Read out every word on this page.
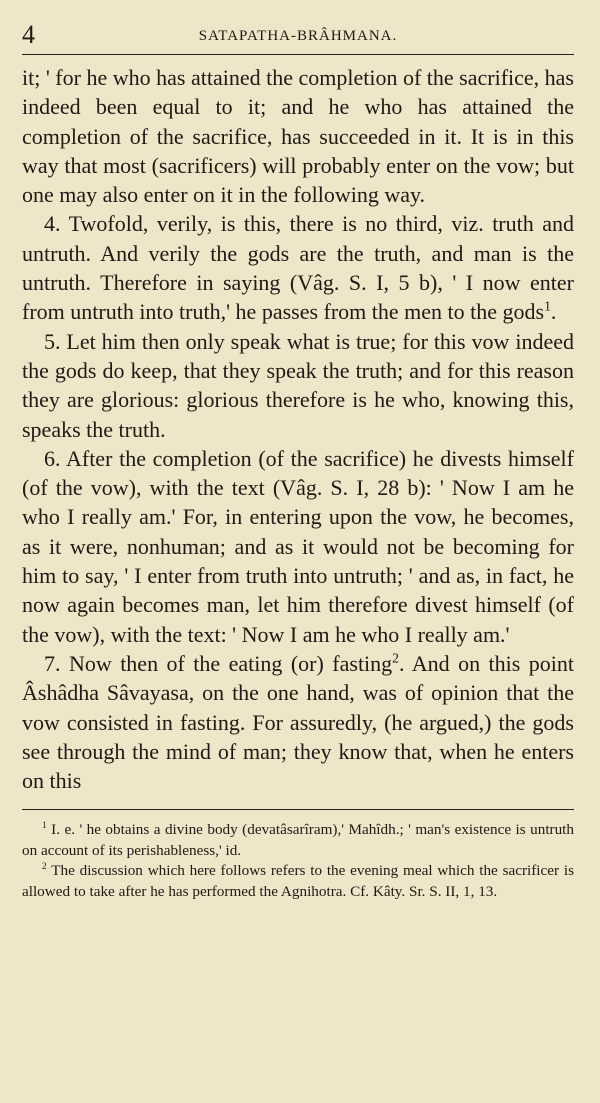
4	SATAPATHA-BRÂHMANA.

it; ' for he who has attained the completion of the sacrifice, has indeed been equal to it; and he who has attained the completion of the sacrifice, has succeeded in it. It is in this way that most (sacrificers) will probably enter on the vow; but one may also enter on it in the following way.

4. Twofold, verily, is this, there is no third, viz. truth and untruth. And verily the gods are the truth, and man is the untruth. Therefore in saying (Vâg. S. I, 5 b), ' I now enter from untruth into truth,' he passes from the men to the gods$^1$.

5. Let him then only speak what is true; for this vow indeed the gods do keep, that they speak the truth; and for this reason they are glorious: glorious therefore is he who, knowing this, speaks the truth.

6. After the completion (of the sacrifice) he divests himself (of the vow), with the text (Vâg. S. I, 28 b): ' Now I am he who I really am.' For, in entering upon the vow, he becomes, as it were, nonhuman; and as it would not be becoming for him to say, ' I enter from truth into untruth; ' and as, in fact, he now again becomes man, let him therefore divest himself (of the vow), with the text: ' Now I am he who I really am.'

7. Now then of the eating (or) fasting$^2$. And on this point Âshâdha Sâvayasa, on the one hand, was of opinion that the vow consisted in fasting. For assuredly, (he argued,) the gods see through the mind of man; they know that, when he enters on this

$^1$ I. e. ' he obtains a divine body (devatâsarîram),' Mahîdh.; ' man's existence is untruth on account of its perishableness,' id.

$^2$ The discussion which here follows refers to the evening meal which the sacrificer is allowed to take after he has performed the Agnihotra. Cf. Kâty. Sr. S. II, 1, 13.
